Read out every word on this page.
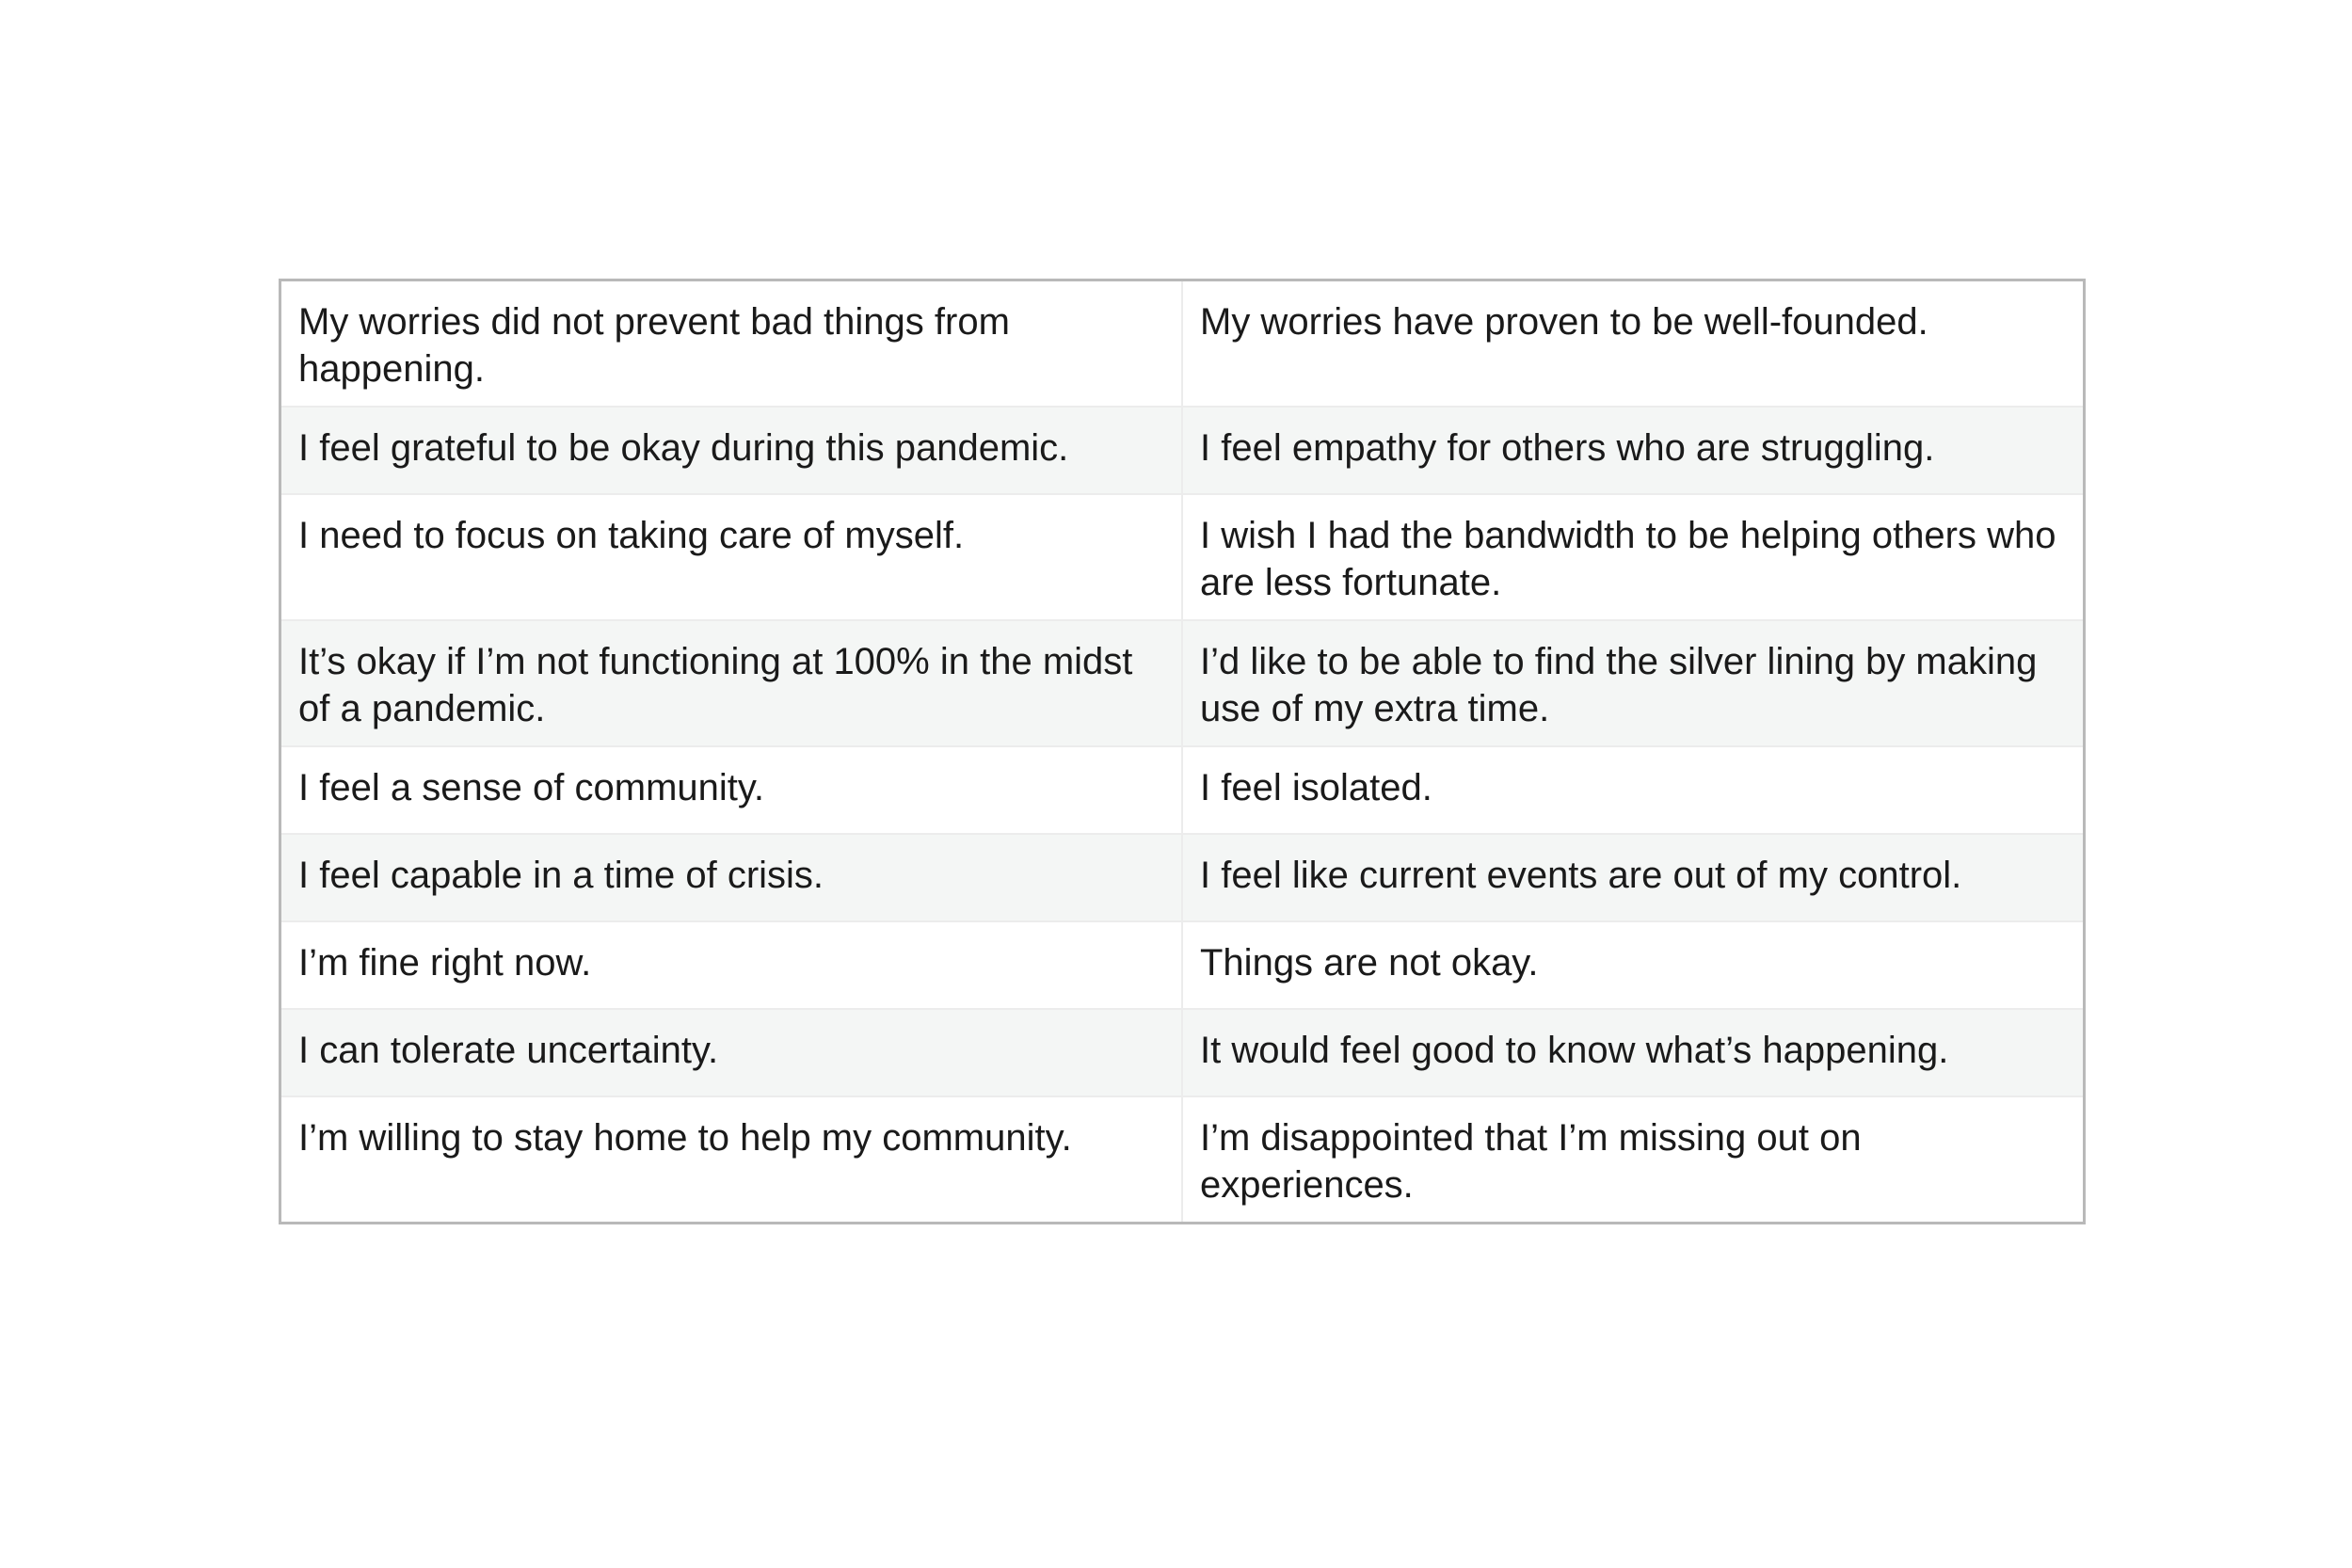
My worries did not prevent bad things from happening.	My worries have proven to be well-founded.
I feel grateful to be okay during this pandemic.	I feel empathy for others who are struggling.
I need to focus on taking care of myself.	I wish I had the bandwidth to be helping others who are less fortunate.
It’s okay if I’m not functioning at 100% in the midst of a pandemic.	I’d like to be able to find the silver lining by making use of my extra time.
I feel a sense of community.	I feel isolated.
I feel capable in a time of crisis.	I feel like current events are out of my control.
I’m fine right now.	Things are not okay.
I can tolerate uncertainty.	It would feel good to know what’s happening.
I’m willing to stay home to help my community.	I’m disappointed that I’m missing out on experiences.
